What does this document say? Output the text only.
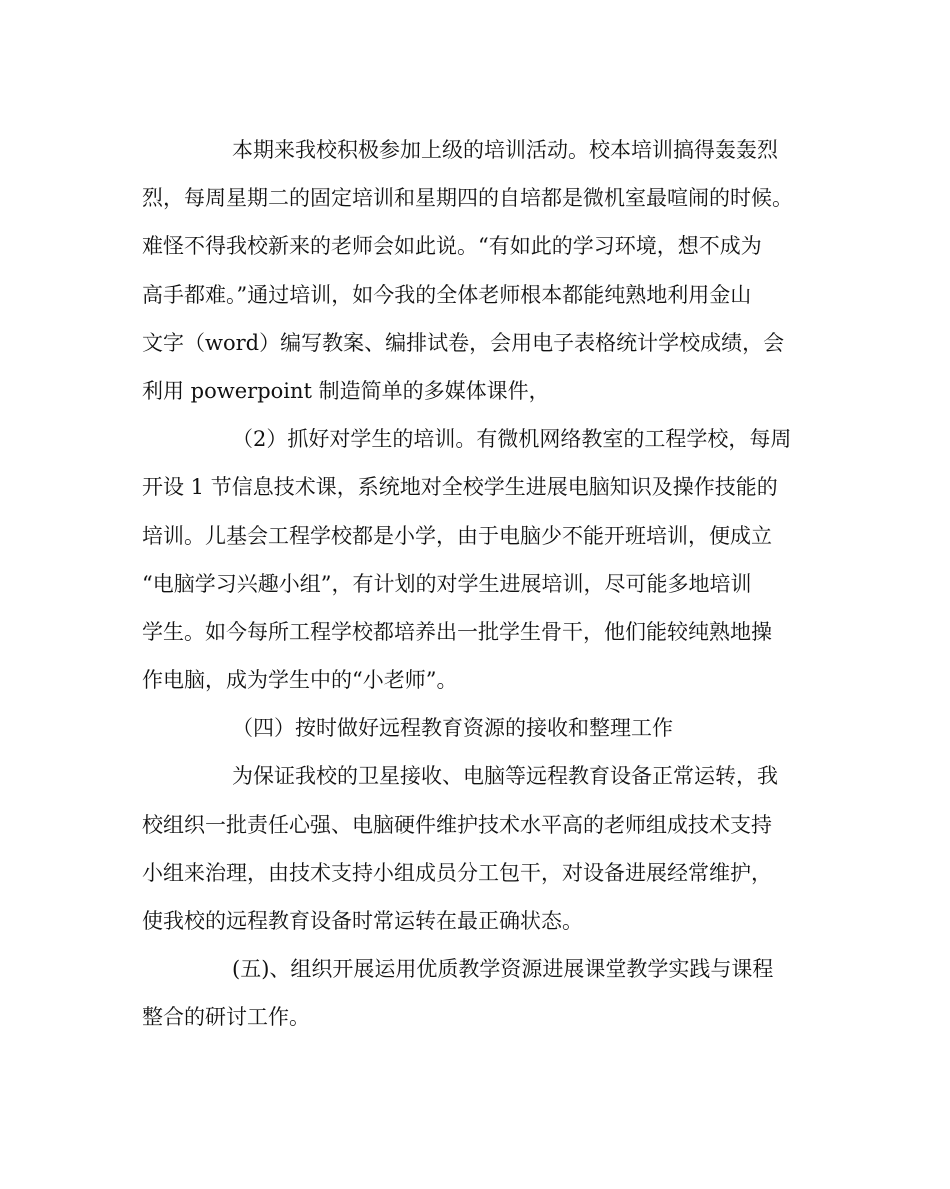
本期来我校积极参加上级的培训活动。校本培训搞得轰轰烈
烈，每周星期二的固定培训和星期四的自培都是微机室最喧闹的时候。
难怪不得我校新来的老师会如此说。“有如此的学习环境，想不成为
高手都难。”通过培训，如今我的全体老师根本都能纯熟地利用金山
文字（word）编写教案、编排试卷，会用电子表格统计学校成绩，会
利用 powerpoint 制造简单的多媒体课件，
（2）抓好对学生的培训。有微机网络教室的工程学校，每周
开设 1 节信息技术课，系统地对全校学生进展电脑知识及操作技能的
培训。儿基会工程学校都是小学，由于电脑少不能开班培训，便成立
“电脑学习兴趣小组”，有计划的对学生进展培训，尽可能多地培训
学生。如今每所工程学校都培养出一批学生骨干，他们能较纯熟地操
作电脑，成为学生中的“小老师”。
（四）按时做好远程教育资源的接收和整理工作
为保证我校的卫星接收、电脑等远程教育设备正常运转，我
校组织一批责任心强、电脑硬件维护技术水平高的老师组成技术支持
小组来治理，由技术支持小组成员分工包干，对设备进展经常维护，
使我校的远程教育设备时常运转在最正确状态。
(五)、组织开展运用优质教学资源进展课堂教学实践与课程
整合的研讨工作。
